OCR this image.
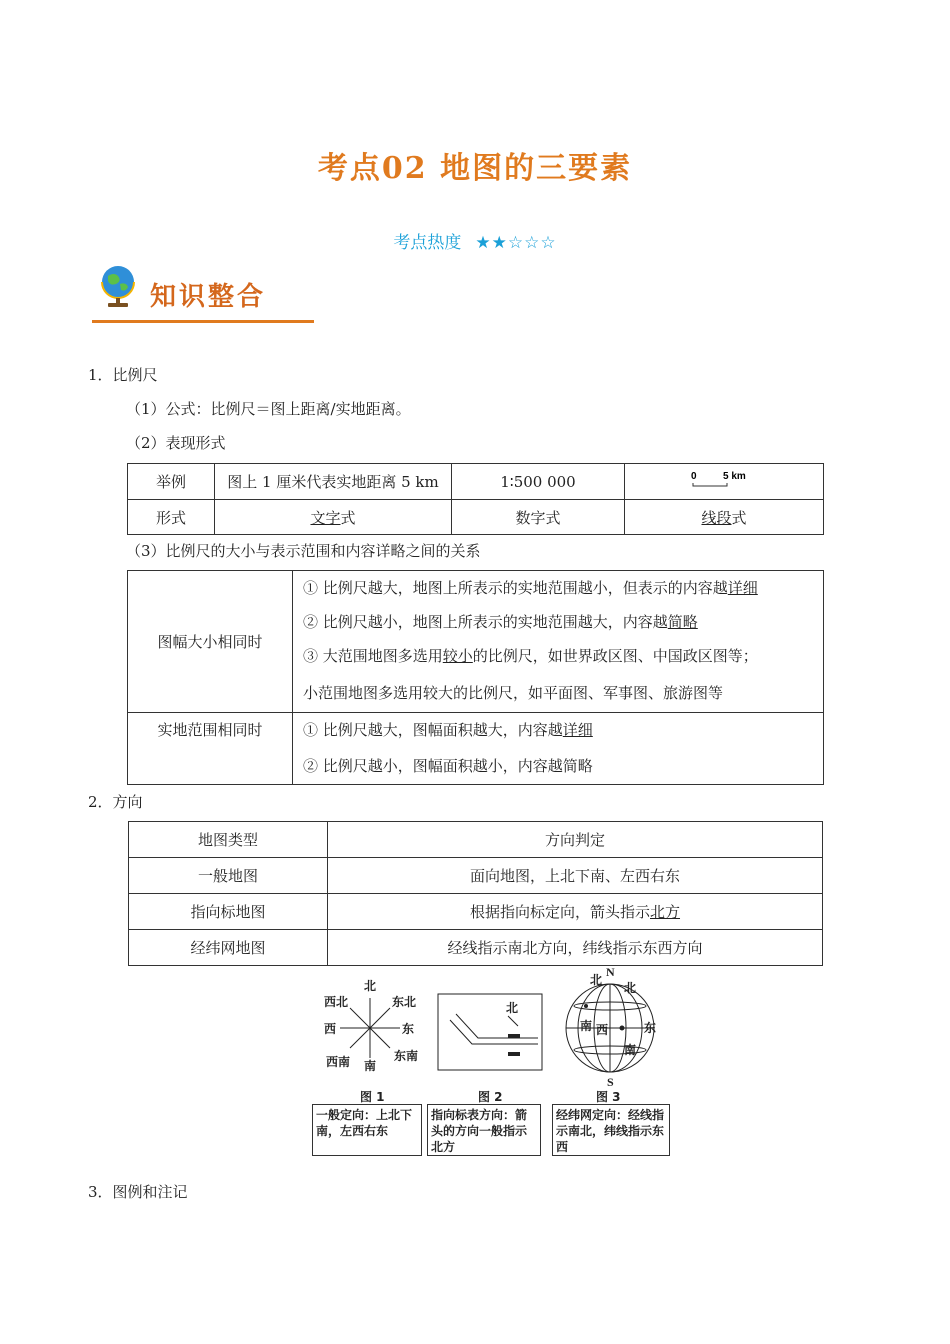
考点02 地图的三要素
考点热度 ★★☆☆☆
知识整合
1．比例尺
（1）公式：比例尺＝图上距离/实地距离。
（2）表现形式
举例	图上 1 厘米代表实地距离 5 km	1∶500 000	0 5 km

形式	文字式	数字式	线段式
（3）比例尺的大小与表示范围和内容详略之间的关系
图幅大小相同时	① 比例尺越大，地图上所表示的实地范围越小，但表示的内容越详细
	② 比例尺越小，地图上所表示的实地范围越大，内容越简略
	③ 大范围地图多选用较小的比例尺，如世界政区图、中国政区图等；
	小范围地图多选用较大的比例尺，如平面图、军事图、旅游图等
实地范围相同时	① 比例尺越大，图幅面积越大，内容越详细
	② 比例尺越小，图幅面积越小，内容越简略
2．方向
地图类型	方向判定
一般地图	面向地图，上北下南、左西右东
指向标地图	根据指向标定向，箭头指示北方
经纬网地图	经线指示南北方向，纬线指示东西方向
北
南
东
西
东北
西北
东南
西南
北
N
S
北
北
南
南
东
西
图 1	图 2	图 3
一般定向：上北下南，左西右东
指向标表方向：箭头的方向一般指示北方
经纬网定向：经线指示南北，纬线指示东西
3．图例和注记
